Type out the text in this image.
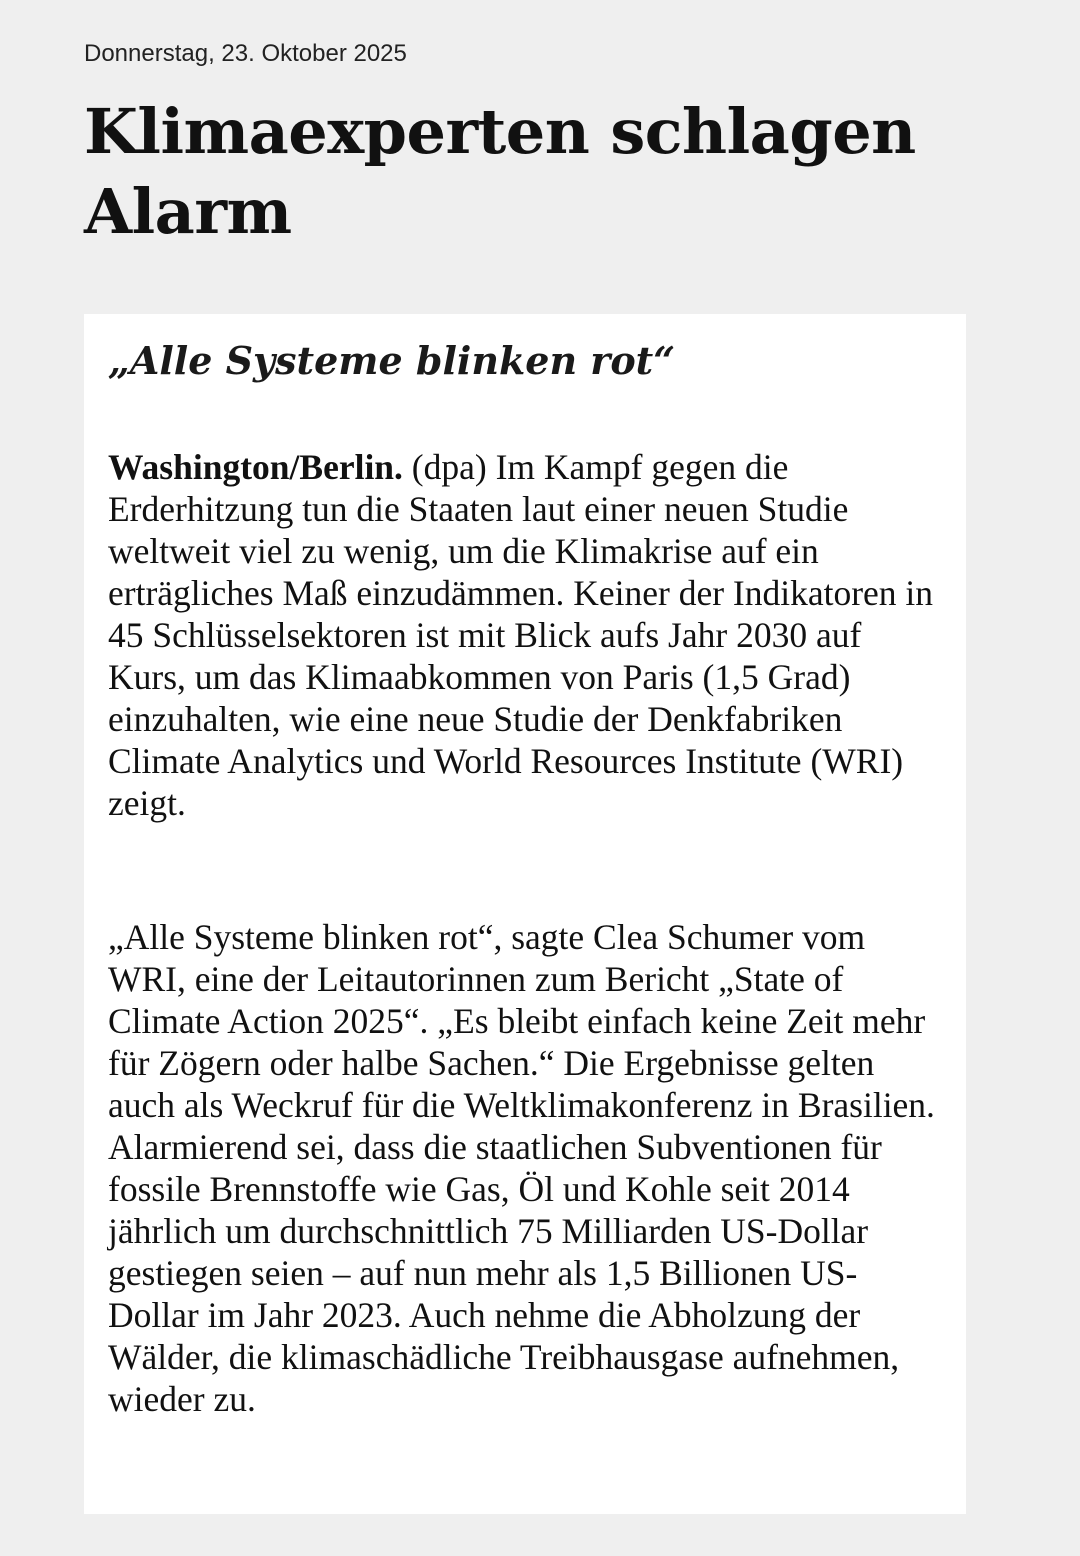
Donnerstag, 23. Oktober 2025

Klimaexperten schlagen Alarm
„Alle Systeme blinken rot“

Washington/Berlin. (dpa) Im Kampf gegen die Erderhitzung tun die Staaten laut einer neuen Studie weltweit viel zu wenig, um die Klimakrise auf ein erträgliches Maß einzudämmen. Keiner der Indikatoren in 45 Schlüsselsektoren ist mit Blick aufs Jahr 2030 auf Kurs, um das Klimaabkommen von Paris (1,5 Grad) einzuhalten, wie eine neue Studie der Denkfabriken Climate Analytics und World Resources Institute (WRI) zeigt.

„Alle Systeme blinken rot“, sagte Clea Schumer vom WRI, eine der Leitautorinnen zum Bericht „State of Climate Action 2025“. „Es bleibt einfach keine Zeit mehr für Zögern oder halbe Sachen.“ Die Ergebnisse gelten auch als Weckruf für die Weltklimakonferenz in Brasilien. Alarmierend sei, dass die staatlichen Subventionen für fossile Brennstoffe wie Gas, Öl und Kohle seit 2014 jährlich um durchschnittlich 75 Milliarden US-Dollar gestiegen seien – auf nun mehr als 1,5 Billionen US-Dollar im Jahr 2023. Auch nehme die Abholzung der Wälder, die klimaschädliche Treibhausgase aufnehmen, wieder zu.
